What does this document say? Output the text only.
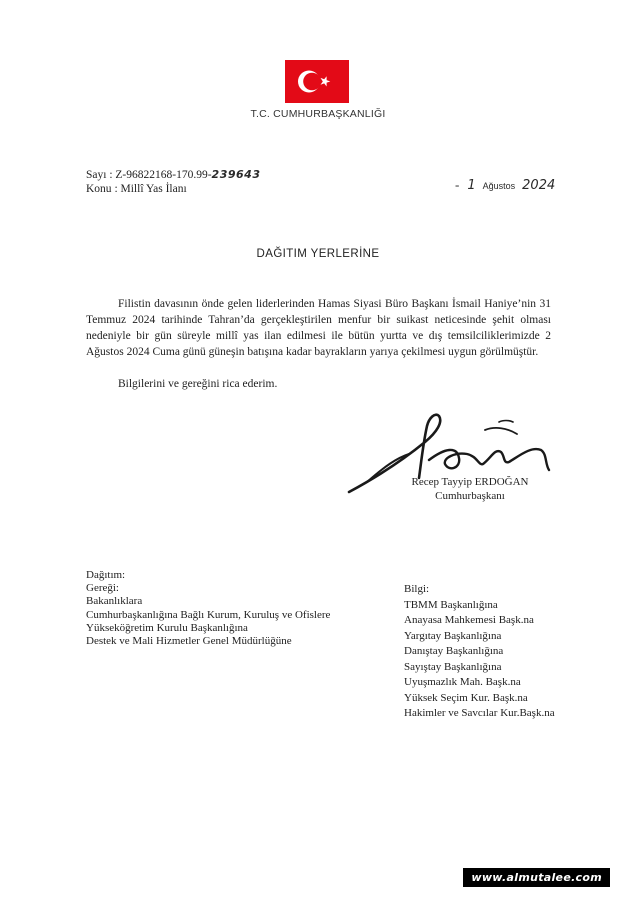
T.C. CUMHURBAŞKANLIĞI
Sayı : Z-96822168-170.99-239643
Konu : Millî Yas İlanı	- 1 Ağustos 2024
DAĞITIM YERLERİNE

Filistin davasının önde gelen liderlerinden Hamas Siyasi Büro Başkanı İsmail Haniye’nin 31 Temmuz 2024 tarihinde Tahran’da gerçekleştirilen menfur bir suikast neticesinde şehit olması nedeniyle bir gün süreyle millî yas ilan edilmesi ile bütün yurtta ve dış temsilciliklerimizde 2 Ağustos 2024 Cuma günü güneşin batışına kadar bayrakların yarıya çekilmesi uygun görülmüştür.

Bilgilerini ve gereğini rica ederim.

Recep Tayyip ERDOĞAN
Cumhurbaşkanı
Dağıtım:
Gereği:
Bakanlıklara
Cumhurbaşkanlığına Bağlı Kurum, Kuruluş ve Ofislere
Yükseköğretim Kurulu Başkanlığına
Destek ve Mali Hizmetler Genel Müdürlüğüne
Bilgi:
TBMM Başkanlığına
Anayasa Mahkemesi Başk.na
Yargıtay Başkanlığına
Danıştay Başkanlığına
Sayıştay Başkanlığına
Uyuşmazlık Mah. Başk.na
Yüksek Seçim Kur. Başk.na
Hakimler ve Savcılar Kur.Başk.na
www.almutalee.com
